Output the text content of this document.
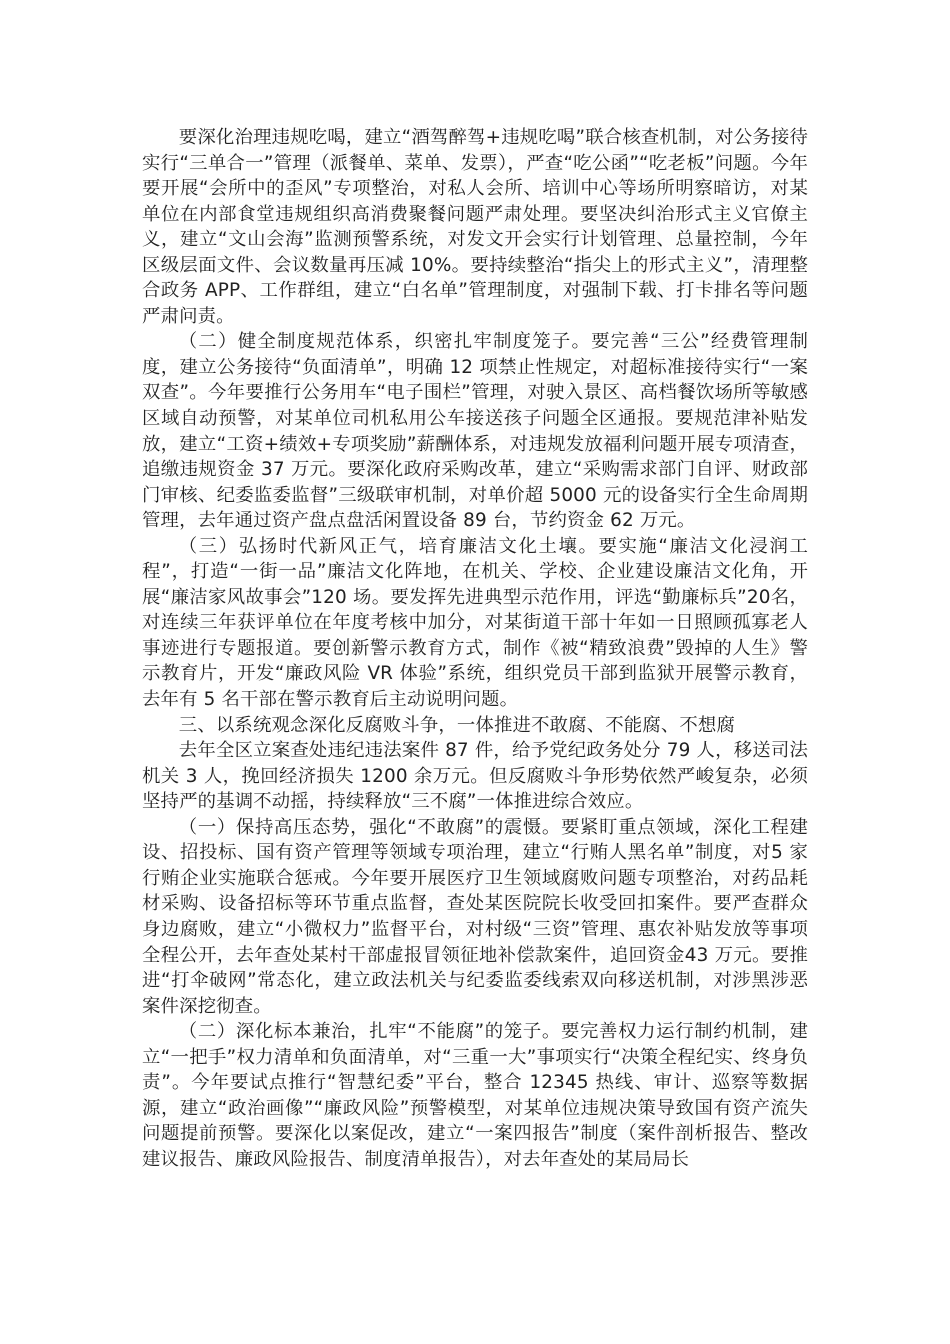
要深化治理违规吃喝，建立“酒驾醉驾+违规吃喝”联合核查机制，对公务接待实行“三单合一”管理（派餐单、菜单、发票），严查“吃公函”“吃老板”问题。今年要开展“会所中的歪风”专项整治，对私人会所、培训中心等场所明察暗访，对某单位在内部食堂违规组织高消费聚餐问题严肃处理。要坚决纠治形式主义官僚主义，建立“文山会海”监测预警系统，对发文开会实行计划管理、总量控制，今年区级层面文件、会议数量再压减 10%。要持续整治“指尖上的形式主义”，清理整合政务 APP、工作群组，建立“白名单”管理制度，对强制下载、打卡排名等问题严肃问责。

（二）健全制度规范体系，织密扎牢制度笼子。要完善“三公”经费管理制度，建立公务接待“负面清单”，明确 12 项禁止性规定，对超标准接待实行“一案双查”。今年要推行公务用车“电子围栏”管理，对驶入景区、高档餐饮场所等敏感区域自动预警，对某单位司机私用公车接送孩子问题全区通报。要规范津补贴发放，建立“工资+绩效+专项奖励”薪酬体系，对违规发放福利问题开展专项清查，追缴违规资金 37 万元。要深化政府采购改革，建立“采购需求部门自评、财政部门审核、纪委监委监督”三级联审机制，对单价超 5000 元的设备实行全生命周期管理，去年通过资产盘点盘活闲置设备 89 台，节约资金 62 万元。

（三）弘扬时代新风正气，培育廉洁文化土壤。要实施“廉洁文化浸润工程”，打造“一街一品”廉洁文化阵地，在机关、学校、企业建设廉洁文化角，开展“廉洁家风故事会”120 场。要发挥先进典型示范作用，评选“勤廉标兵”20名，对连续三年获评单位在年度考核中加分，对某街道干部十年如一日照顾孤寡老人事迹进行专题报道。要创新警示教育方式，制作《被“精致浪费”毁掉的人生》警示教育片，开发“廉政风险 VR 体验”系统，组织党员干部到监狱开展警示教育，去年有 5 名干部在警示教育后主动说明问题。

三、以系统观念深化反腐败斗争，一体推进不敢腐、不能腐、不想腐

去年全区立案查处违纪违法案件 87 件，给予党纪政务处分 79 人，移送司法机关 3 人，挽回经济损失 1200 余万元。但反腐败斗争形势依然严峻复杂，必须坚持严的基调不动摇，持续释放“三不腐”一体推进综合效应。

（一）保持高压态势，强化“不敢腐”的震慑。要紧盯重点领域，深化工程建设、招投标、国有资产管理等领域专项治理，建立“行贿人黑名单”制度，对5 家行贿企业实施联合惩戒。今年要开展医疗卫生领域腐败问题专项整治，对药品耗材采购、设备招标等环节重点监督，查处某医院院长收受回扣案件。要严查群众身边腐败，建立“小微权力”监督平台，对村级“三资”管理、惠农补贴发放等事项全程公开，去年查处某村干部虚报冒领征地补偿款案件，追回资金43 万元。要推进“打伞破网”常态化，建立政法机关与纪委监委线索双向移送机制，对涉黑涉恶案件深挖彻查。

（二）深化标本兼治，扎牢“不能腐”的笼子。要完善权力运行制约机制，建立“一把手”权力清单和负面清单，对“三重一大”事项实行“决策全程纪实、终身负责”。今年要试点推行“智慧纪委”平台，整合 12345 热线、审计、巡察等数据源，建立“政治画像”“廉政风险”预警模型，对某单位违规决策导致国有资产流失问题提前预警。要深化以案促改，建立“一案四报告”制度（案件剖析报告、整改建议报告、廉政风险报告、制度清单报告），对去年查处的某局局长
